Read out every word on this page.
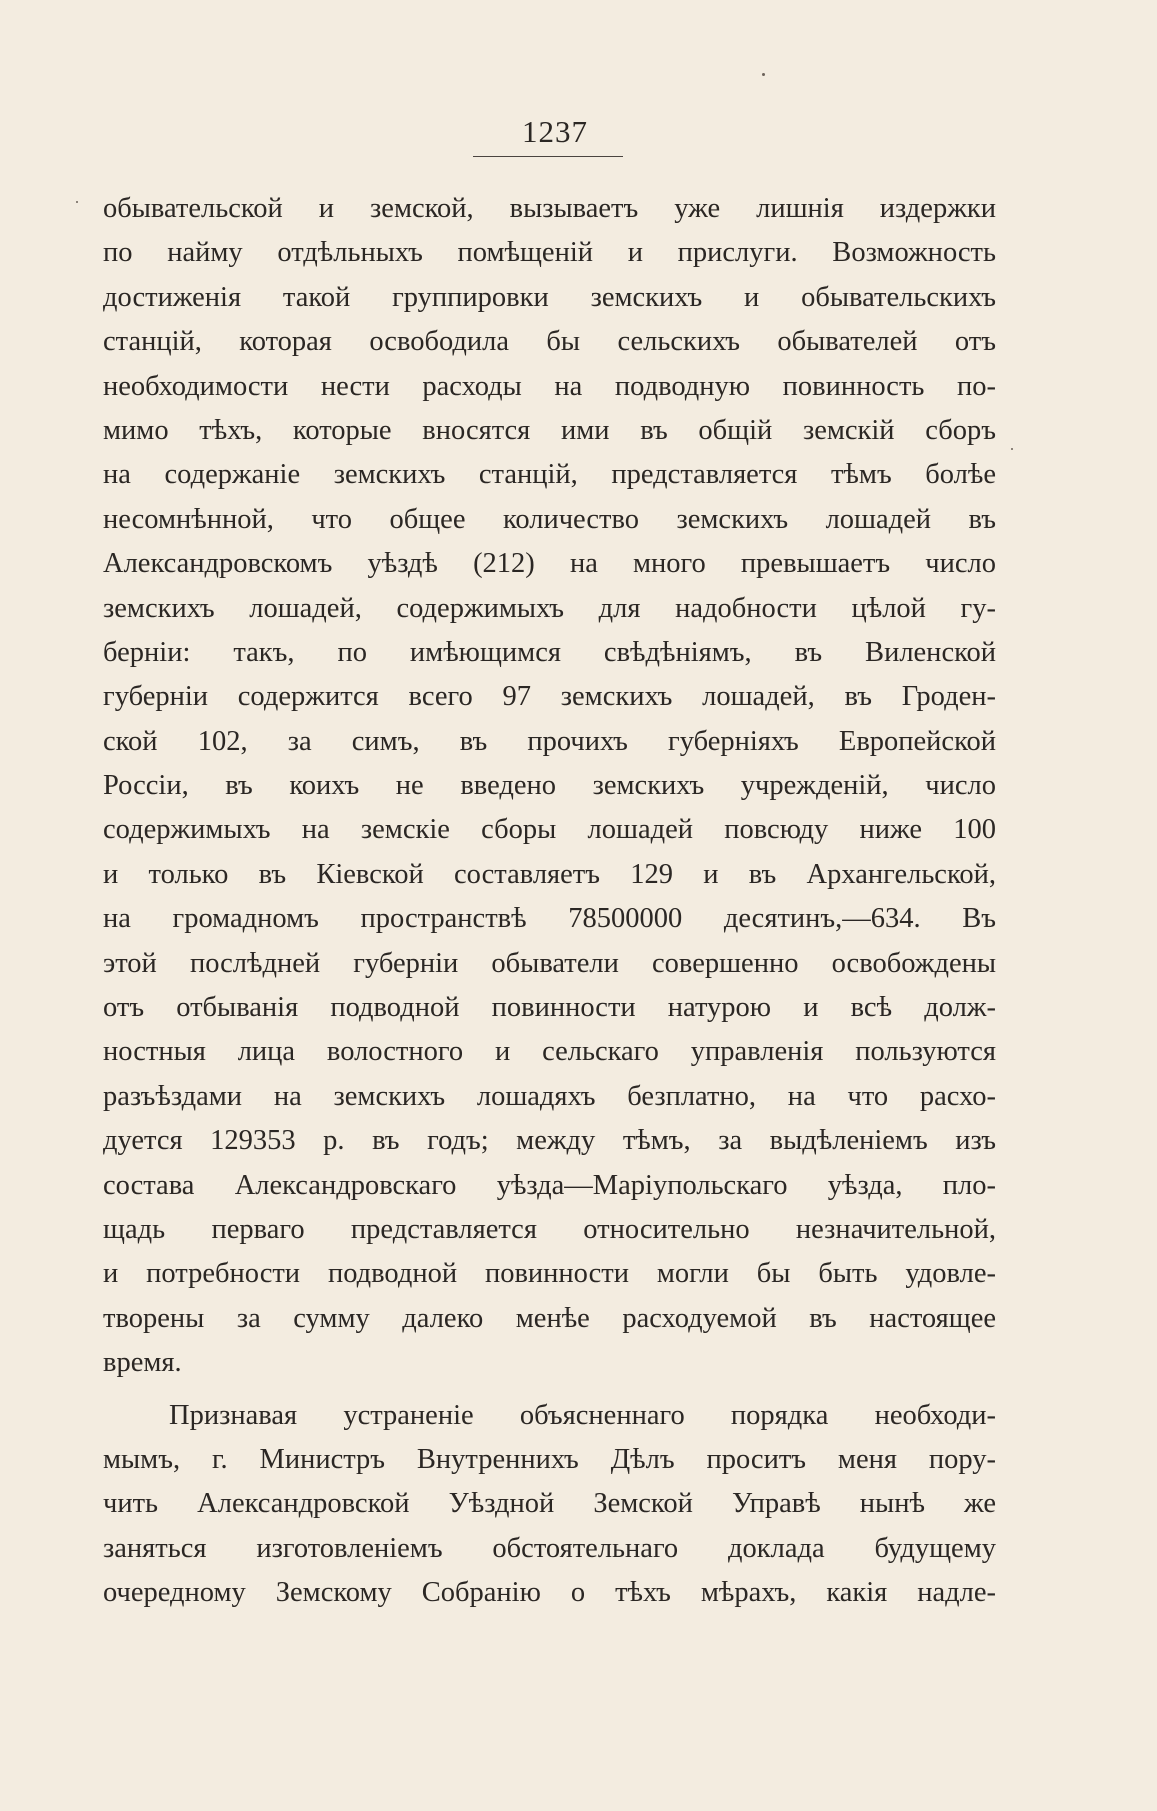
1237
обывательской и земской, вызываетъ уже лишнія издержки
по найму отдѣльныхъ помѣщеній и прислуги. Возможность
достиженія такой группировки земскихъ и обывательскихъ
станцій, которая освободила бы сельскихъ обывателей отъ
необходимости нести расходы на подводную повинность по-
мимо тѣхъ, которые вносятся ими въ общій земскій сборъ
на содержаніе земскихъ станцій, представляется тѣмъ болѣе
несомнѣнной, что общее количество земскихъ лошадей въ
Александровскомъ уѣздѣ (212) на много превышаетъ число
земскихъ лошадей, содержимыхъ для надобности цѣлой гу-
берніи: такъ, по имѣющимся свѣдѣніямъ, въ Виленской
губерніи содержится всего 97 земскихъ лошадей, въ Гроден-
ской 102, за симъ, въ прочихъ губерніяхъ Европейской
Россіи, въ коихъ не введено земскихъ учрежденій, число
содержимыхъ на земскіе сборы лошадей повсюду ниже 100
и только въ Кіевской составляетъ 129 и въ Архангельской,
на громадномъ пространствѣ 78500000 десятинъ,—634. Въ
этой послѣдней губерніи обыватели совершенно освобождены
отъ отбыванія подводной повинности натурою и всѣ долж-
ностныя лица волостного и сельскаго управленія пользуются
разъѣздами на земскихъ лошадяхъ безплатно, на что расхо-
дуется 129353 р. въ годъ; между тѣмъ, за выдѣленіемъ изъ
состава Александровскаго уѣзда—Маріупольскаго уѣзда, пло-
щадь перваго представляется относительно незначительной,
и потребности подводной повинности могли бы быть удовле-
творены за сумму далеко менѣе расходуемой въ настоящее
время.
Признавая устраненіе объясненнаго порядка необходи-
мымъ, г. Министръ Внутреннихъ Дѣлъ проситъ меня пору-
чить Александровской Уѣздной Земской Управѣ нынѣ же
заняться изготовленіемъ обстоятельнаго доклада будущему
очередному Земскому Собранію о тѣхъ мѣрахъ, какія надле-
